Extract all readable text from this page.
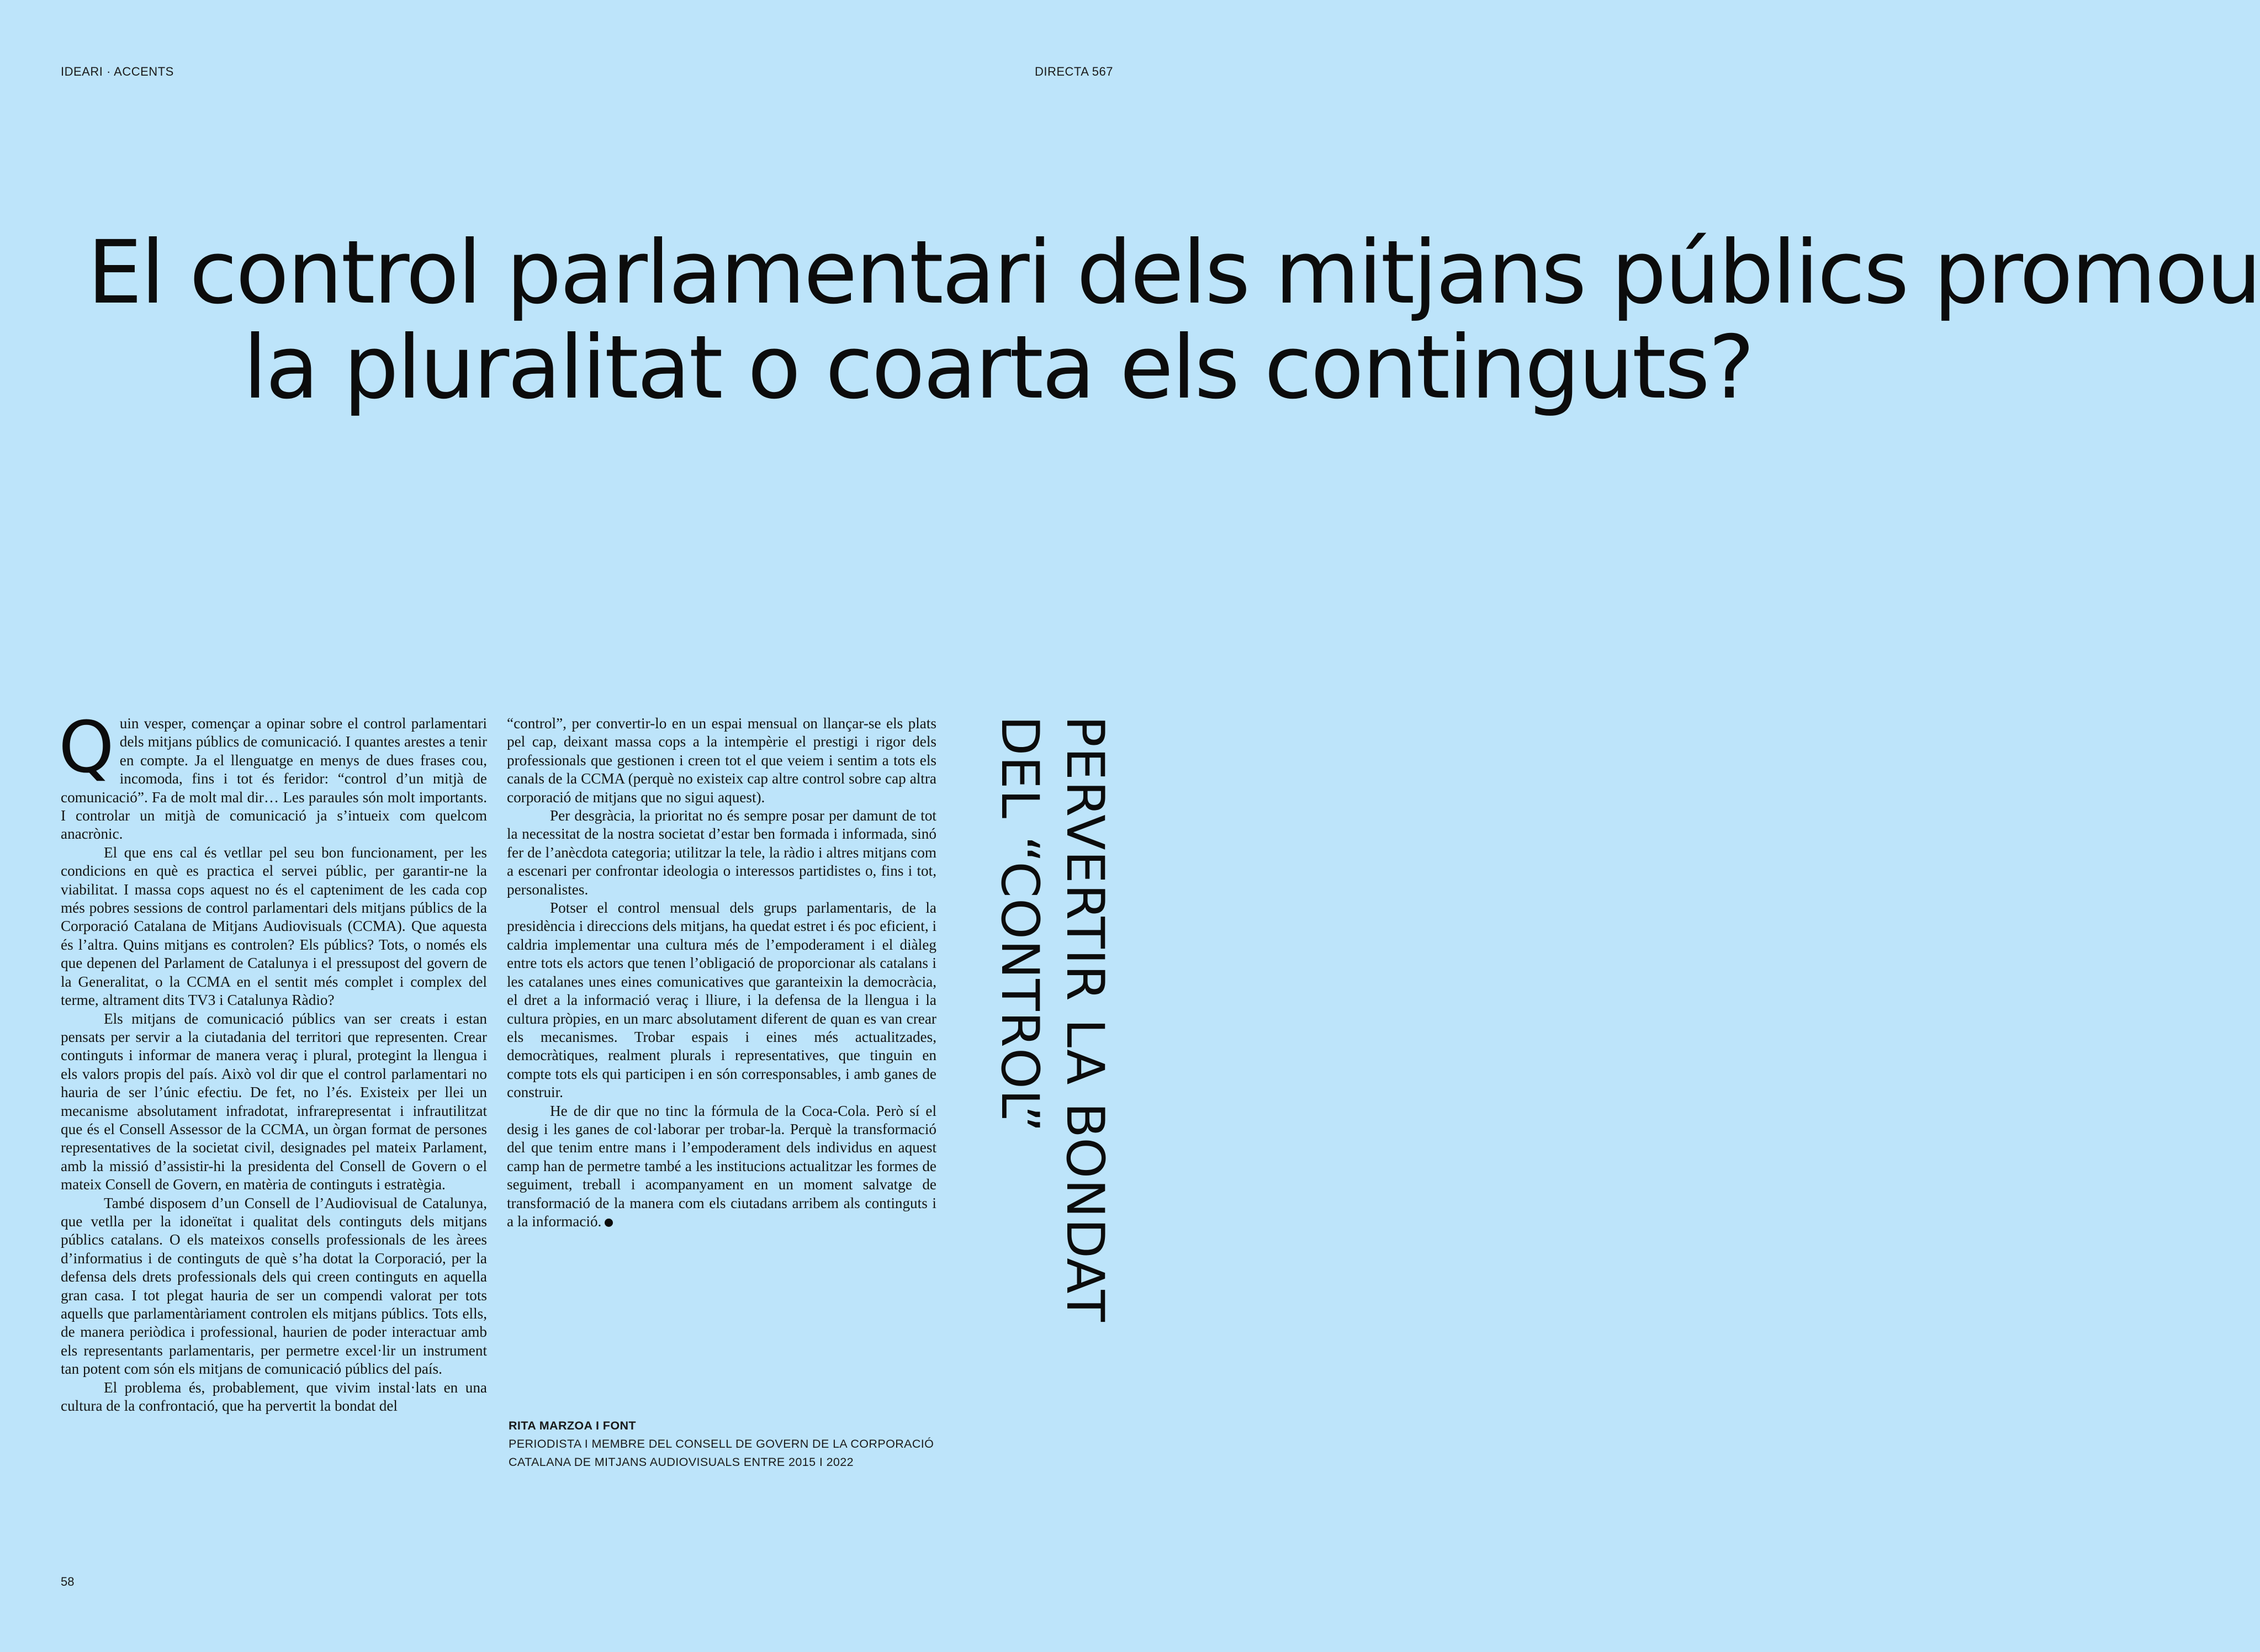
IDEARI · ACCENTS	DIRECTA 567
El control parlamentari dels mitjans públics promou
la pluralitat o coarta els continguts?

Quin vesper, començar a opinar sobre el control parlamentari dels mitjans públics de comunicació. I quantes arestes a tenir en compte. Ja el llenguatge en menys de dues frases cou, incomoda, fins i tot és feridor: “control d’un mitjà de comunicació”. Fa de molt mal dir… Les paraules són molt importants. I controlar un mitjà de comunicació ja s’intueix com quelcom anacrònic.

El que ens cal és vetllar pel seu bon funcionament, per les condicions en què es practica el servei públic, per garantir-ne la viabilitat. I massa cops aquest no és el capteniment de les cada cop més pobres sessions de control parlamentari dels mitjans públics de la Corporació Catalana de Mitjans Audiovisuals (CCMA). Que aquesta és l’altra. Quins mitjans es controlen? Els públics? Tots, o només els que depenen del Parlament de Catalunya i el pressupost del govern de la Generalitat, o la CCMA en el sentit més complet i complex del terme, altrament dits TV3 i Catalunya Ràdio?

Els mitjans de comunicació públics van ser creats i estan pensats per servir a la ciutadania del territori que representen. Crear continguts i informar de manera veraç i plural, protegint la llengua i els valors propis del país. Això vol dir que el control parlamentari no hauria de ser l’únic efectiu. De fet, no l’és. Existeix per llei un mecanisme absolutament infradotat, infrarepresentat i infrautilitzat que és el Consell Assessor de la CCMA, un òrgan format de persones representatives de la societat civil, designades pel mateix Parlament, amb la missió d’assistir-hi la presidenta del Consell de Govern o el mateix Consell de Govern, en matèria de continguts i estratègia.

També disposem d’un Consell de l’Audiovisual de Catalunya, que vetlla per la idoneïtat i qualitat dels continguts dels mitjans públics catalans. O els mateixos consells professionals de les àrees d’informatius i de continguts de què s’ha dotat la Corporació, per la defensa dels drets professionals dels qui creen continguts en aquella gran casa. I tot plegat hauria de ser un compendi valorat per tots aquells que parlamentàriament controlen els mitjans públics. Tots ells, de manera periòdica i professional, haurien de poder interactuar amb els representants parlamentaris, per permetre excel·lir un instrument tan potent com són els mitjans de comunicació públics del país.

El problema és, probablement, que vivim instal·lats en una cultura de la confrontació, que ha pervertit la bondat del

“control”, per convertir-lo en un espai mensual on llançar-se els plats pel cap, deixant massa cops a la intempèrie el prestigi i rigor dels professionals que gestionen i creen tot el que veiem i sentim a tots els canals de la CCMA (perquè no existeix cap altre control sobre cap altra corporació de mitjans que no sigui aquest).

Per desgràcia, la prioritat no és sempre posar per damunt de tot la necessitat de la nostra societat d’estar ben formada i informada, sinó fer de l’anècdota categoria; utilitzar la tele, la ràdio i altres mitjans com a escenari per confrontar ideologia o interessos partidistes o, fins i tot, personalistes.

Potser el control mensual dels grups parlamentaris, de la presidència i direccions dels mitjans, ha quedat estret i és poc eficient, i caldria implementar una cultura més de l’empoderament i el diàleg entre tots els actors que tenen l’obligació de proporcionar als catalans i les catalanes unes eines comunicatives que garanteixin la democràcia, el dret a la informació veraç i lliure, i la defensa de la llengua i la cultura pròpies, en un marc absolutament diferent de quan es van crear els mecanismes. Trobar espais i eines més actualitzades, democràtiques, realment plurals i representatives, que tinguin en compte tots els qui participen i en són corresponsables, i amb ganes de construir.

He de dir que no tinc la fórmula de la Coca-Cola. Però sí el desig i les ganes de col·laborar per trobar-la. Perquè la transformació del que tenim entre mans i l’empoderament dels individus en aquest camp han de permetre també a les institucions actualitzar les formes de seguiment, treball i acompanyament en un moment salvatge de transformació de la manera com els ciutadans arribem als continguts i a la informació.	PERVERTIR LA BONDAT
DEL “CONTROL”
RITA MARZOA I FONT
PERIODISTA I MEMBRE DEL CONSELL DE GOVERN DE LA CORPORACIÓ
CATALANA DE MITJANS AUDIOVISUALS ENTRE 2015 I 2022
58
